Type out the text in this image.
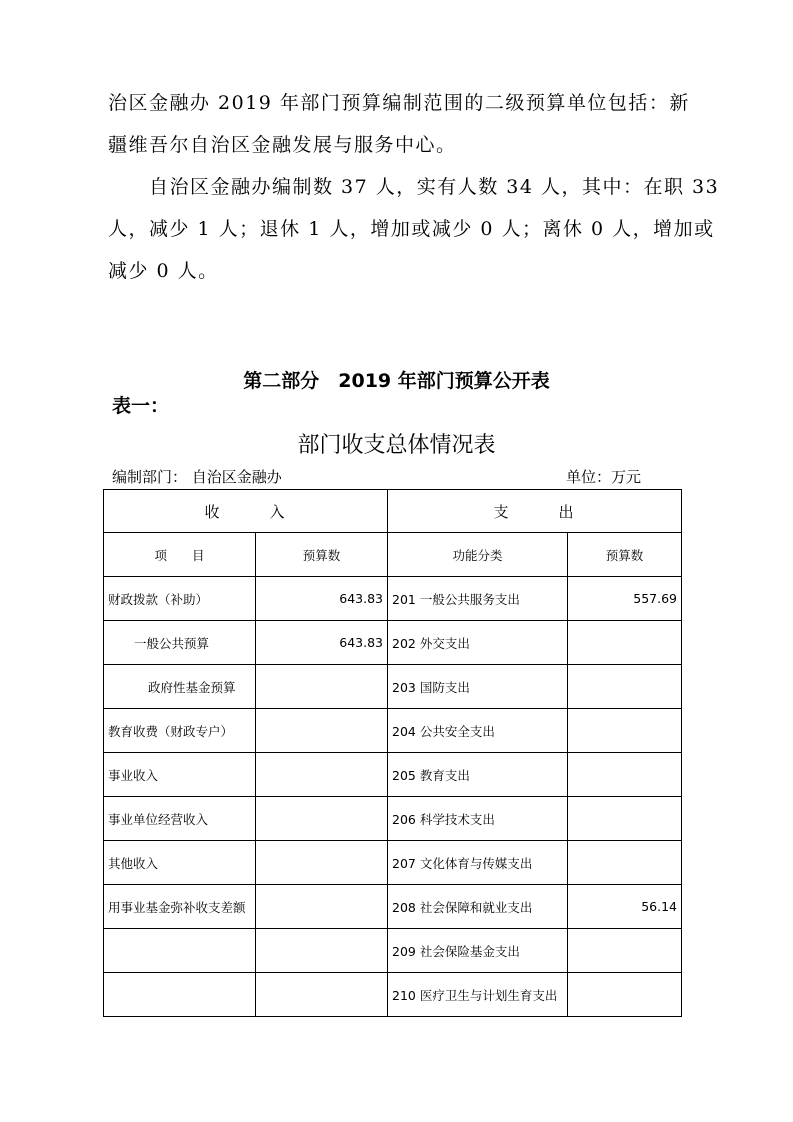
治区金融办 2019 年部门预算编制范围的二级预算单位包括：新

疆维吾尔自治区金融发展与服务中心。

　　自治区金融办编制数 37 人，实有人数 34 人，其中：在职 33

人，减少 1 人；退休 1 人，增加或减少 0 人；离休 0 人，增加或

减少 0 人。

第二部分　2019 年部门预算公开表

表一：
部门收支总体情况表
编制部门： 自治区金融办	单位：万元
收 入		支 出	
项　　目	预算数	功能分类	预算数
财政拨款（补助）	643.83	201 一般公共服务支出	557.69
一般公共预算	643.83	202 外交支出	
政府性基金预算		203 国防支出	
教育收费（财政专户）		204 公共安全支出	
事业收入		205 教育支出	
事业单位经营收入		206 科学技术支出	
其他收入		207 文化体育与传媒支出	
用事业基金弥补收支差额		208 社会保障和就业支出	56.14
		209 社会保险基金支出	
		210 医疗卫生与计划生育支出	
